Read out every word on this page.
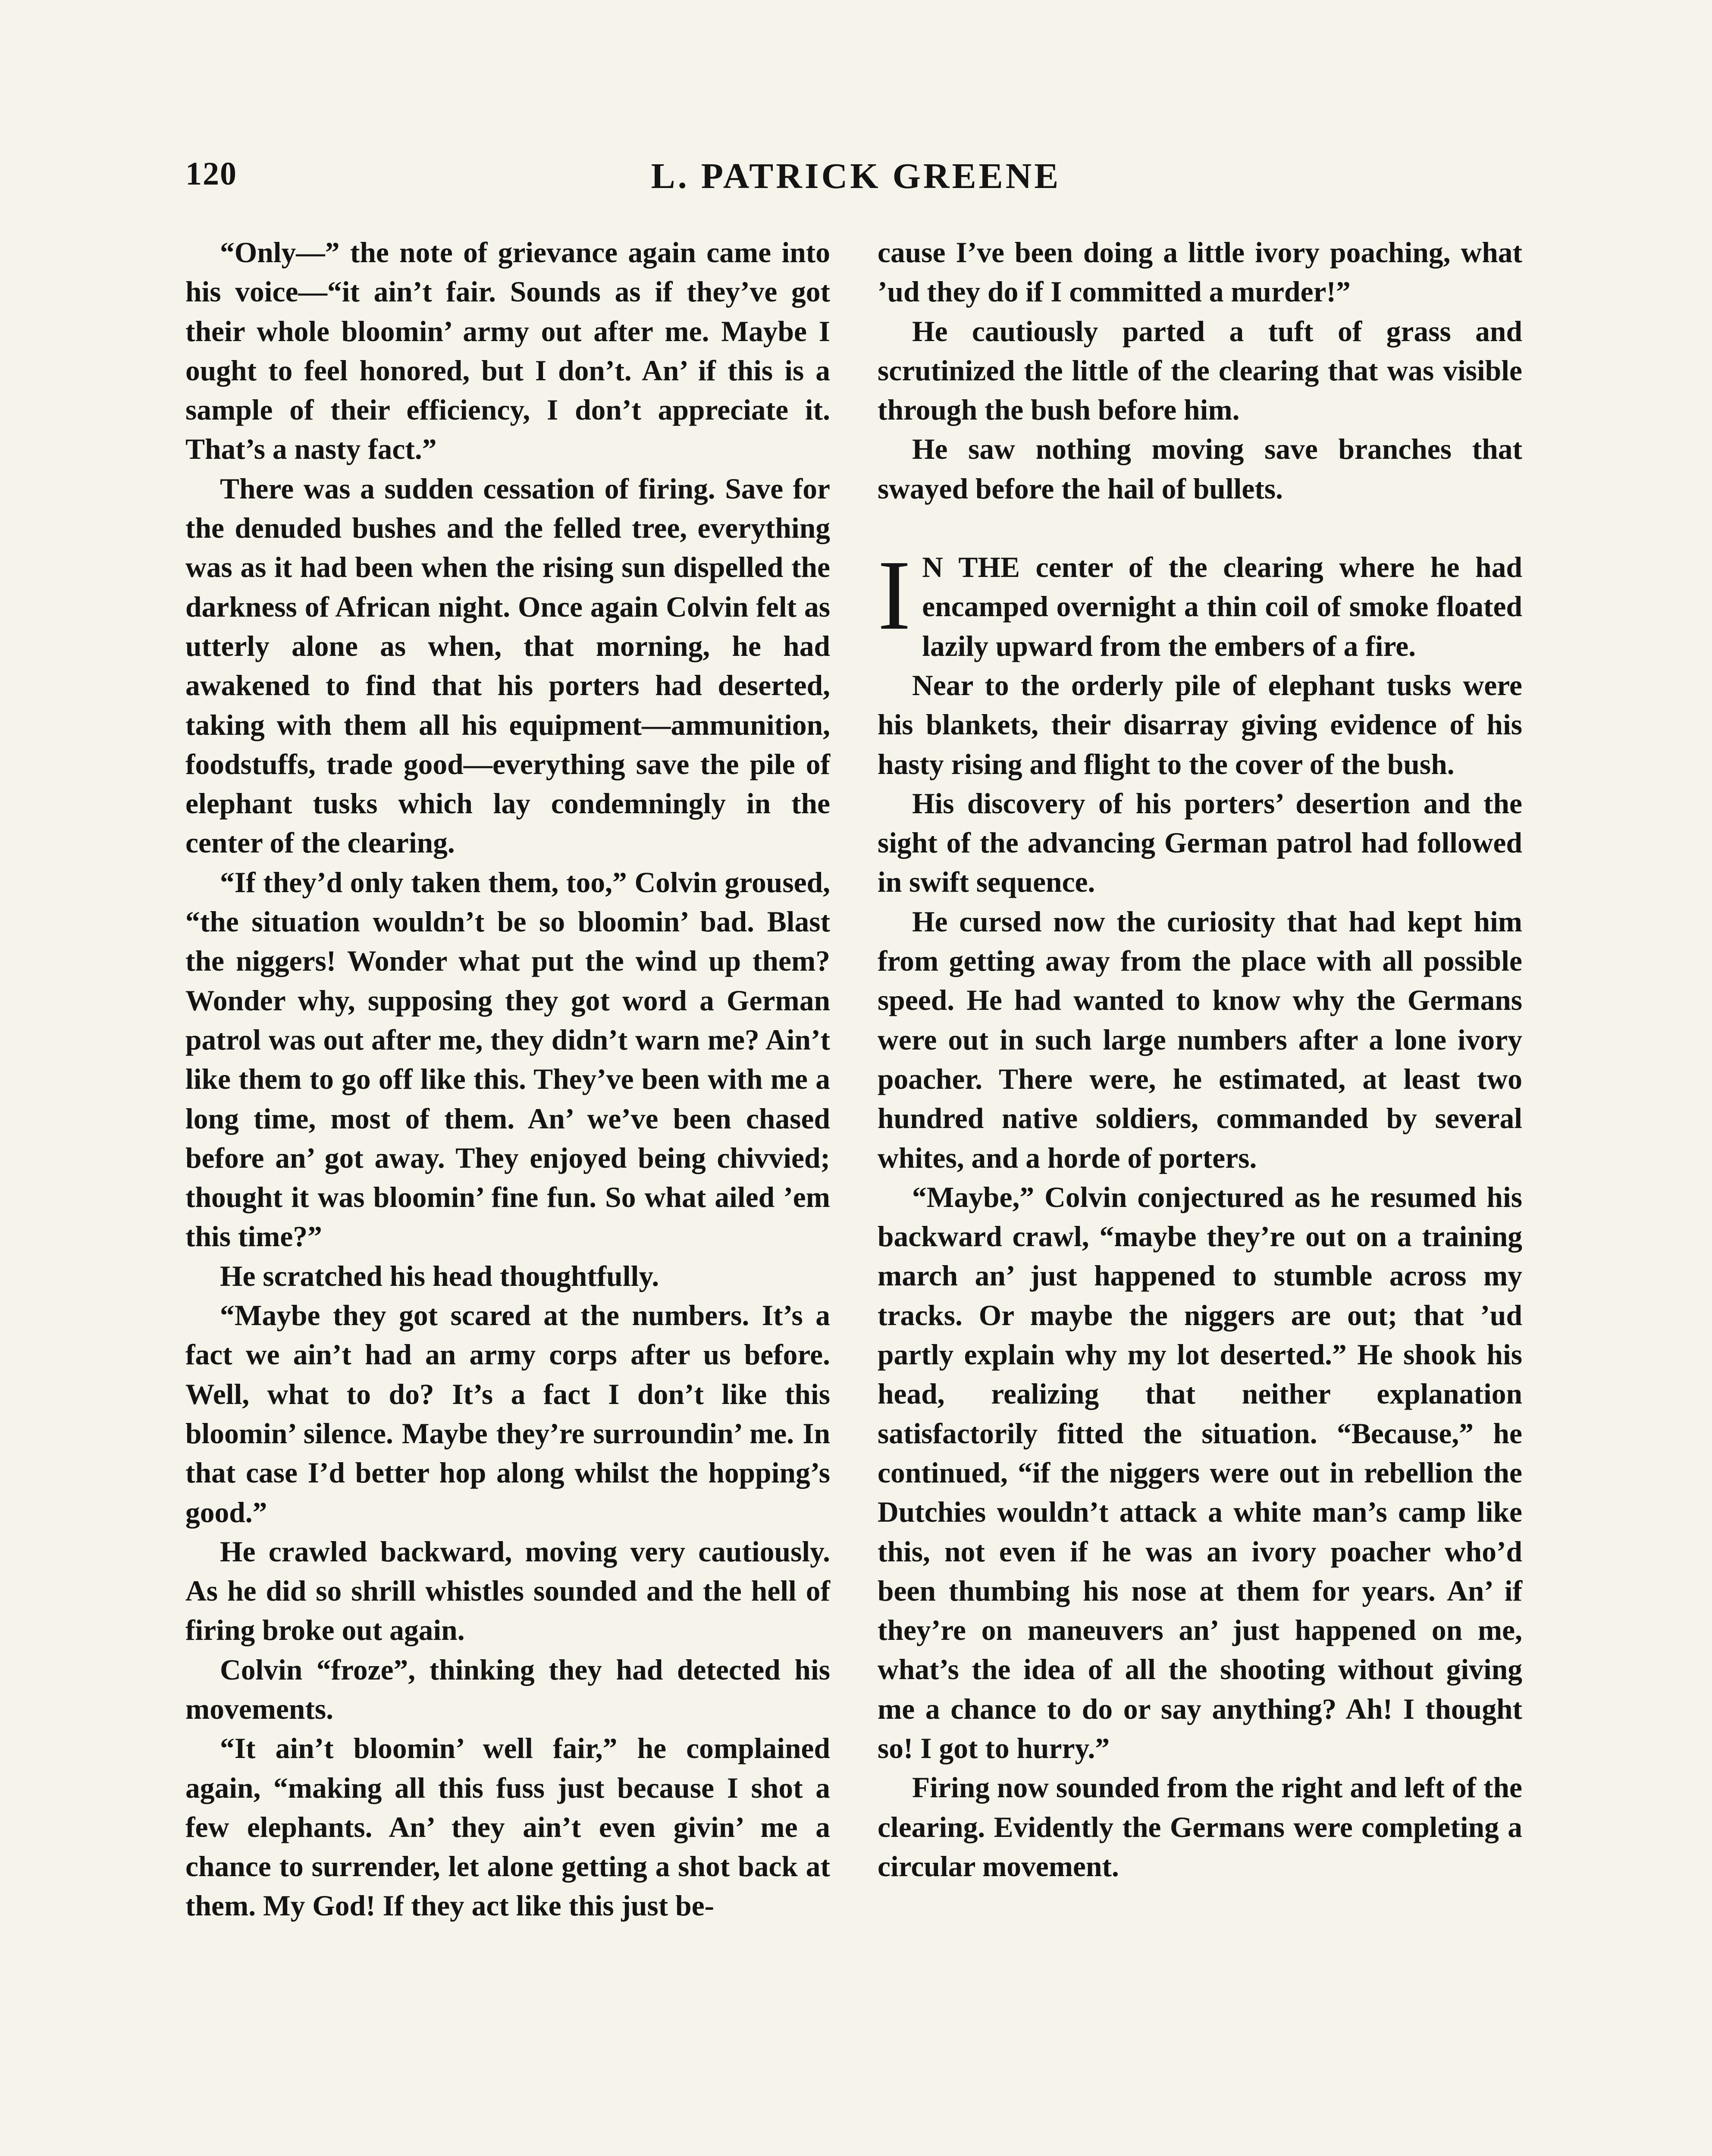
120	L. PATRICK GREENE

“Only—” the note of grievance again came into his voice—“it ain’t fair. Sounds as if they’ve got their whole bloomin’ army out after me. Maybe I ought to feel honored, but I don’t. An’ if this is a sample of their efficiency, I don’t appreciate it. That’s a nasty fact.”

There was a sudden cessation of firing. Save for the denuded bushes and the felled tree, everything was as it had been when the rising sun dispelled the darkness of African night. Once again Colvin felt as utterly alone as when, that morning, he had awakened to find that his porters had deserted, taking with them all his equipment—ammunition, foodstuffs, trade good—everything save the pile of elephant tusks which lay condemningly in the center of the clearing.

“If they’d only taken them, too,” Colvin groused, “the situation wouldn’t be so bloomin’ bad. Blast the niggers! Wonder what put the wind up them? Wonder why, supposing they got word a German patrol was out after me, they didn’t warn me? Ain’t like them to go off like this. They’ve been with me a long time, most of them. An’ we’ve been chased before an’ got away. They enjoyed being chivvied; thought it was bloomin’ fine fun. So what ailed ’em this time?”

He scratched his head thoughtfully.

“Maybe they got scared at the numbers. It’s a fact we ain’t had an army corps after us before. Well, what to do? It’s a fact I don’t like this bloomin’ silence. Maybe they’re surroundin’ me. In that case I’d better hop along whilst the hopping’s good.”

He crawled backward, moving very cautiously. As he did so shrill whistles sounded and the hell of firing broke out again.

Colvin “froze”, thinking they had detected his movements.

“It ain’t bloomin’ well fair,” he complained again, “making all this fuss just because I shot a few elephants. An’ they ain’t even givin’ me a chance to surrender, let alone getting a shot back at them. My God! If they act like this just be-

cause I’ve been doing a little ivory poaching, what ’ud they do if I committed a murder!”

He cautiously parted a tuft of grass and scrutinized the little of the clearing that was visible through the bush before him.

He saw nothing moving save branches that swayed before the hail of bullets.

I N THE center of the clearing where he had encamped overnight a thin coil of smoke floated lazily upward from the embers of a fire.

Near to the orderly pile of elephant tusks were his blankets, their disarray giving evidence of his hasty rising and flight to the cover of the bush.

His discovery of his porters’ desertion and the sight of the advancing German patrol had followed in swift sequence.

He cursed now the curiosity that had kept him from getting away from the place with all possible speed. He had wanted to know why the Germans were out in such large numbers after a lone ivory poacher. There were, he estimated, at least two hundred native soldiers, commanded by several whites, and a horde of porters.

“Maybe,” Colvin conjectured as he resumed his backward crawl, “maybe they’re out on a training march an’ just happened to stumble across my tracks. Or maybe the niggers are out; that ’ud partly explain why my lot deserted.” He shook his head, realizing that neither explanation satisfactorily fitted the situation. “Because,” he continued, “if the niggers were out in rebellion the Dutchies wouldn’t attack a white man’s camp like this, not even if he was an ivory poacher who’d been thumbing his nose at them for years. An’ if they’re on maneuvers an’ just happened on me, what’s the idea of all the shooting without giving me a chance to do or say anything? Ah! I thought so! I got to hurry.”

Firing now sounded from the right and left of the clearing. Evidently the Germans were completing a circular movement.
